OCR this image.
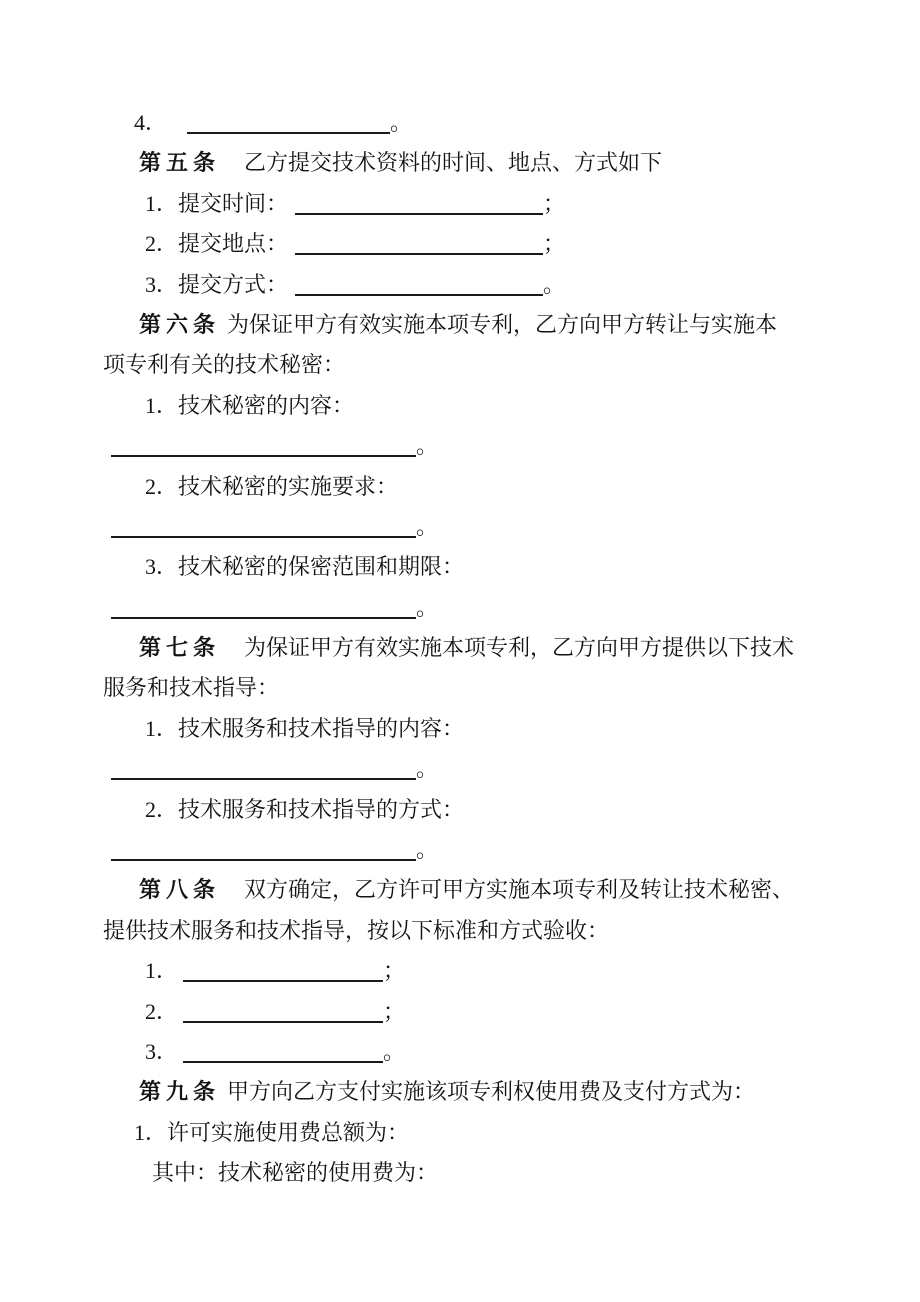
4．	。
第五条 乙方提交技术资料的时间、地点、方式如下
1．提交时间：	；
2．提交地点：	；
3．提交方式：	。
第六条 为保证甲方有效实施本项专利，乙方向甲方转让与实施本
项专利有关的技术秘密：
1．技术秘密的内容：
。
2．技术秘密的实施要求：
。
3．技术秘密的保密范围和期限：
。
第七条 为保证甲方有效实施本项专利，乙方向甲方提供以下技术
服务和技术指导：
1．技术服务和技术指导的内容：
。
2．技术服务和技术指导的方式：
。
第八条 双方确定，乙方许可甲方实施本项专利及转让技术秘密、
提供技术服务和技术指导，按以下标准和方式验收：
1．	；
2．	；
3．	。
第九条 甲方向乙方支付实施该项专利权使用费及支付方式为：
1．许可实施使用费总额为：
其中：技术秘密的使用费为：
